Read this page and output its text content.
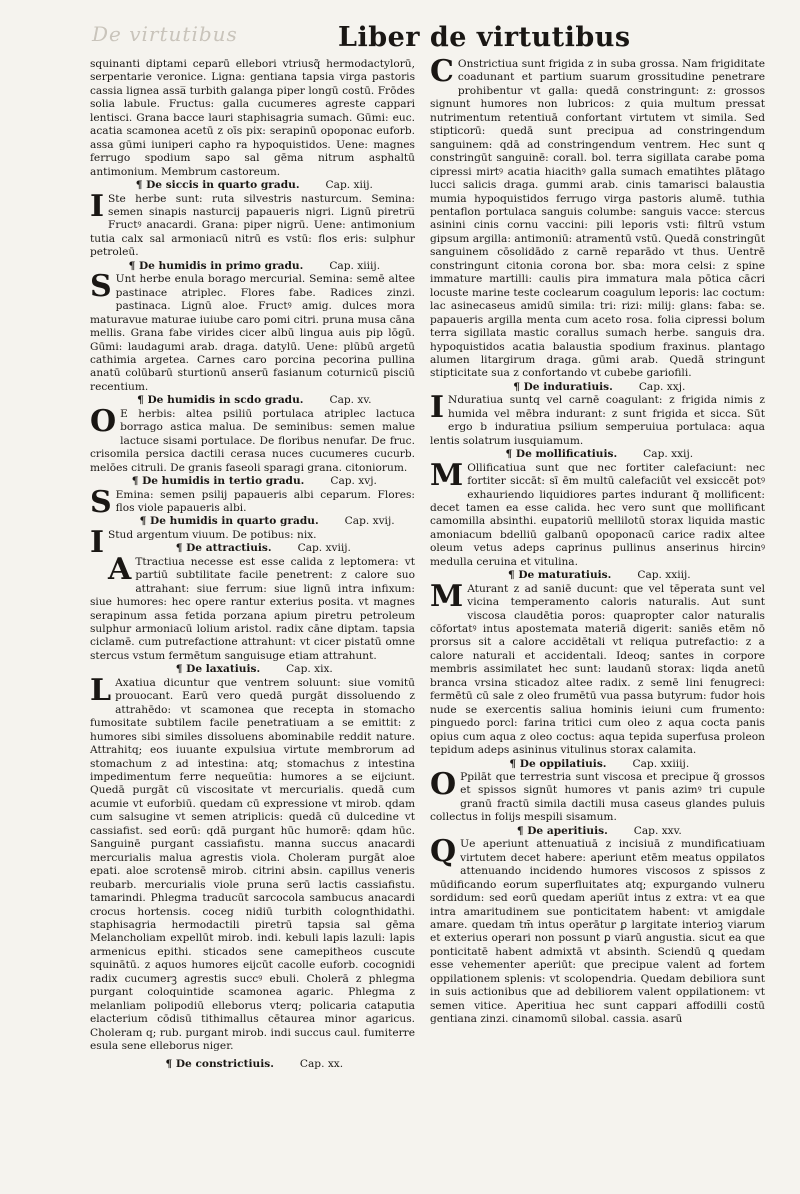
De virtutibus	Liber de virtutibus

squinanti diptami ceparū ellebori vtriusq̃ hermodactylorū, serpentarie veronice. Ligna: gentiana tapsia virga pastoris cassia lignea assa̅ turbith galanga piper longū costū. Frōdes solia labule. Fructus: galla cucumeres agreste cappari lentisci. Grana bacce lauri staphisagria sumach. Gūmi: euc. acatia scamonea acetū z oīs pix: serapinū opoponac euforb. assa gūmi iuniperi capho ra hypoquistidos. Uene: magnes ferrugo spodium sapo sal gēma nitrum asphaltū antimonium. Membrum castoreum.

¶ De siccis in quarto gradu. Cap. xiij.

I Ste herbe sunt: ruta silvestris nasturcum. Semina: semen sinapis nasturcij papaueris nigri. Lignū piretru̅ Fructꝰ anacardi. Grana: piper nigrū. Uene: antimonium tutia calx sal armoniacū nitrū es vstū: flos eris: sulphur petroleū.

¶ De humidis in primo gradu. Cap. xiiij.

S Unt herbe enula borago mercurial. Semina: semē altee pastinace atriplec. Flores fabe. Radices zinzi. pastinaca. Lignū aloe. Fructꝰ amig. dulces mora maturavue maturae iuiube caro pomi citri. pruna musa cāna mellis. Grana fabe virides cicer albū lingua auis pip lōgū. Gūmi: laudagumi arab. draga. datylū. Uene: plūbū argetū cathimia argetea. Carnes caro porcina pecorina pullina anatū colūbarū sturtionū anserū fasianum coturnicū pisciū recentium.

¶ De humidis in scdo gradu. Cap. xv.

O E herbis: altea psiliū portulaca atriplec lactuca borrago astica malua. De seminibus: semen malue lactuce sisami portulace. De floribus nenufar. De fruc. crisomila persica dactili cerasa nuces cucumeres cucurb. melōes citruli. De granis faseoli sparagi grana. citoniorum.

¶ De humidis in tertio gradu. Cap. xvj.

S Emina: semen psilij papaueris albi ceparum. Flores: flos viole papaueris albi.

¶ De humidis in quarto gradu. Cap. xvij.

I Stud argentum viuum. De potibus: nix.

¶ De attractiuis. Cap. xviij.

A Ttractiua necesse est esse calida z leptomera: vt partiū subtilitate facile penetrent: z calore suo attrahant: siue ferrum: siue lignū intra infixum: siue humores: hec opere rantur exterius posita. vt magnes serapinum assa fetida porzana apium piretru petroleum sulphur armoniacū lolium aristol. radix cāne diptam. tapsia ciclamē. cum putrefactione attrahunt: vt cicer pistatū omne stercus vstum fermētum sanguisuge etiam attrahunt.

¶ De laxatiuis. Cap. xix.

L Axatiua dicuntur que ventrem soluunt: siue vomitū prouocant. Earū vero quedā purgāt dissoluendo z attrahēdo: vt scamonea que recepta in stomacho fumositate subtilem facile penetratiuam a se emittit: z humores sibi similes dissoluens abominabile reddit nature. Attrahitq; eos iuuante expulsiua virtute membrorum ad stomachum z ad intestina: atq; stomachus z intestina impedimentum ferre nequeūtia: humores a se eijciunt. Quedā purgāt cū viscositate vt mercurialis. quedā cum acumie vt euforbiū. quedam cū expressione vt mirob. qdam cum salsugine vt semen atriplicis: quedā cū dulcedine vt cassiafist. sed eorū: qdā purgant hūc humorē: qdam hūc. Sanguinē purgant cassiafistu. manna succus anacardi mercurialis malua agrestis viola. Choleram purgāt aloe epati. aloe scrotensē mirob. citrini absin. capillus veneris reubarb. mercurialis viole pruna serū lactis cassiafistu. tamarindi. Phlegma traducūt sarcocola sambucus anacardi crocus hortensis. coceg nidiū turbith colognthidathi. staphisagria hermodactili piretrū tapsia sal gēma Melancholiam expellūt mirob. indi. kebuli lapis lazuli: lapis armenicus epithi. sticados sene camepitheos cuscute squinātū. z aquos humores eijcūt cacolle euforb. cocognidi radix cucumerꝫ agrestis succꝰ ebuli. Cholerā z phlegma purgant coloquintide scamonea agaric. Phlegma z melanliam polipodiū elleborus vterq; policaria cataputia elacterium cōdisū tithimallus cētaurea minor agaricus. Choleram q; rub. purgant mirob. indi succus caul. fumiterre esula sene elleborus niger.

¶ De constrictiuis. Cap. xx.

C Onstrictiua sunt frigida z in suba grossa. Nam frigiditate coadunant et partium suarum grossitudine penetrare prohibentur vt galla: quedā constringunt: z: grossos signunt humores non lubricos: z quia multum pressat nutrimentum retentiuā confortant virtutem vt simila. Sed stipticorū: quedā sunt precipua ad constringendum sanguinem: qdā ad constringendum ventrem. Hec sunt q constringūt sanguinē: corall. bol. terra sigillata carabe poma cipressi mirtꝰ acatia hiacithꝰ galla sumach ematihtes plātago lucci salicis draga. gummi arab. cinis tamarisci balaustia mumia hypoquistidos ferrugo virga pastoris alumē. tuthia pentaflon portulaca sanguis columbe: sanguis vacce: stercus asinini cinis cornu vaccini: pili leporis vsti: filtrū vstum gipsum argilla: antimoniū: atramentū vstū. Quedā constringūt sanguinem cōsolidādo z carnē reparādo vt thus. Uentrē constringunt citonia corona bor. sba: mora celsi: z spine immature martilli: caulis pira immatura mala pōtica cācri locuste marine teste coclearum coagulum leporis: lac coctum: lac asinecaseus amidū simila: tri: rizi: milij: glans: faba: se. papaueris argilla menta cum aceto rosa. folia cipressi bolum terra sigillata mastic corallus sumach herbe. sanguis dra. hypoquistidos acatia balaustia spodium fraxinus. plantago alumen litargirum draga. gūmi arab. Quedā stringunt stipticitate sua z confortando vt cubebe gariofili.

¶ De induratiuis. Cap. xxj.

I Nduratiua suntq vel carnē coagulant: z frigida nimis z humida vel mēbra indurant: z sunt frigida et sicca. Sūt ergo b induratiua psilium semperuiua portulaca: aqua lentis solatrum iusquiamum.

¶ De mollificatiuis. Cap. xxij.

M Ollificatiua sunt que nec fortiter calefaciunt: nec fortiter siccāt: sī ēm multū calefaciūt vel exsiccēt potꝰ exhauriendo liquidiores partes indurant q̃ mollificent: decet tamen ea esse calida. hec vero sunt que mollificant camomilla absinthi. eupatoriū mellilotū storax liquida mastic amoniacum bdelliū galbanū opoponacū carice radix altee oleum vetus adeps caprinus pullinus anserinus hircinꝰ medulla ceruina et vitulina.

¶ De maturatiuis. Cap. xxiij.

M Aturant z ad saniē ducunt: que vel tēperata sunt vel vicina temperamento caloris naturalis. Aut sunt viscosa claudētia poros: quapropter calor naturalis cōfortatꝰ intus apostemata materiā digerit: saniēs etēm nō prorsus sit a calore accidētali vt reliqua putrefactio: z a calore naturali et accidentali. Ideoq; santes in corpore membris assimilatet hec sunt: laudanū storax: liqda anetū branca vrsina sticadoz altee radix. z semē lini fenugreci: fermētū cū sale z oleo frumētū vua passa butyrum: fudor hois nude se exercentis saliua hominis ieiuni cum frumento: pinguedo porcl: farina tritici cum oleo z aqua cocta panis opius cum aqua z oleo coctus: aqua tepida superfusa proleon tepidum adeps asininus vitulinus storax calamita.

¶ De oppilatiuis. Cap. xxiiij.

O Ppilāt que terrestria sunt viscosa et precipue q̃ grossos et spissos signūt humores vt panis azimꝰ tri cupule granū fractū simila dactili musa caseus glandes puluis collectus in folijs mespili sisamum.

¶ De aperitiuis. Cap. xxv.

Q Ue aperiunt attenuatiuā z incisiuā z mundificatiuam virtutem decet habere: aperiunt etēm meatus oppilatos attenuando incidendo humores viscosos z spissos z mūdificando eorum superfluitates atq; expurgando vulneru sordidum: sed eorū quedam aperiūt intus z extra: vt ea que intra amaritudinem sue ponticitatem habent: vt amigdale amare. quedam tm̄ intus operātur ꝑ largitate interioꝫ viarum et exterius operari non possunt ꝑ viarū angustia. sicut ea que ponticitatē habent admixtā vt absinth. Sciendū ꝗ quedam esse vehementer aperiūt: que precipue valent ad fortem oppilationem splenis: vt scolopendria. Quedam debiliora sunt in suis actionibus que ad debiliorem valent oppilationem: vt semen vitice. Aperitiua hec sunt cappari affodilli costū gentiana zinzi. cinamomū silobal. cassia. asarū
